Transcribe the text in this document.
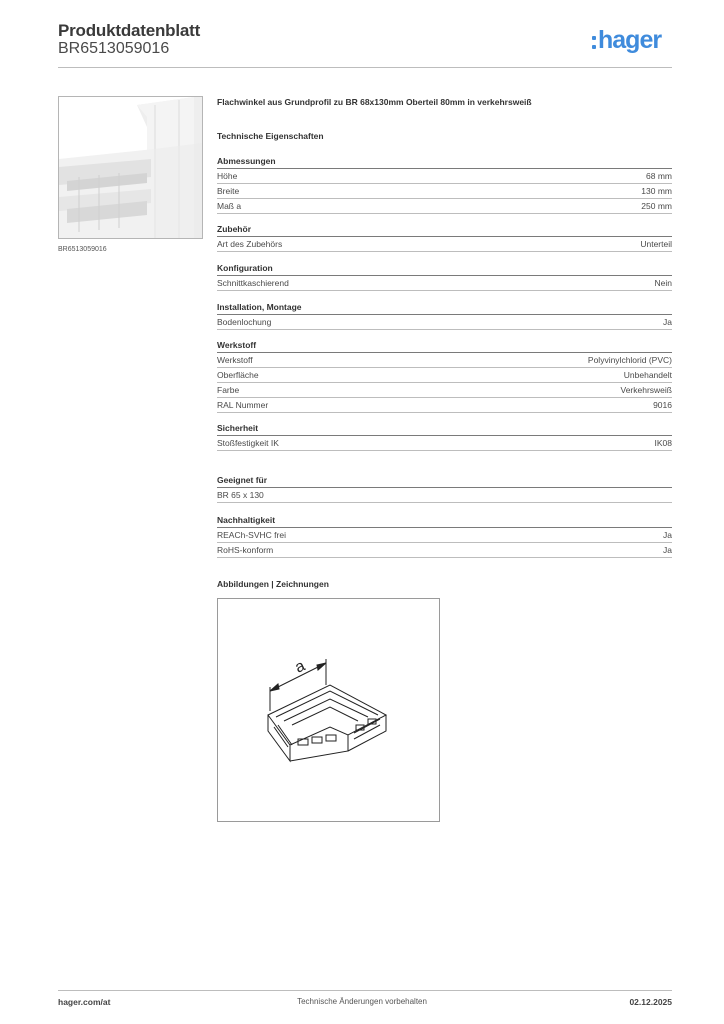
Produktdatenblatt
BR6513059016	hager
BR6513059016
Flachwinkel aus Grundprofil zu BR 68x130mm Oberteil 80mm in verkehrsweiß
Technische Eigenschaften
Abmessungen
Höhe	68 mm
Breite	130 mm
Maß a	250 mm
Zubehör
Art des Zubehörs	Unterteil
Konfiguration
Schnittkaschierend	Nein
Installation, Montage
Bodenlochung	Ja
Werkstoff
Werkstoff	Polyvinylchlorid (PVC)
Oberfläche	Unbehandelt
Farbe	Verkehrsweiß
RAL Nummer	9016
Sicherheit
Stoßfestigkeit IK	IK08
Geeignet für
BR 65 x 130
Nachhaltigkeit
REACh-SVHC frei	Ja
RoHS-konform	Ja
Abbildungen | Zeichnungen
a
hager.com/at	Technische Änderungen vorbehalten	02.12.2025
